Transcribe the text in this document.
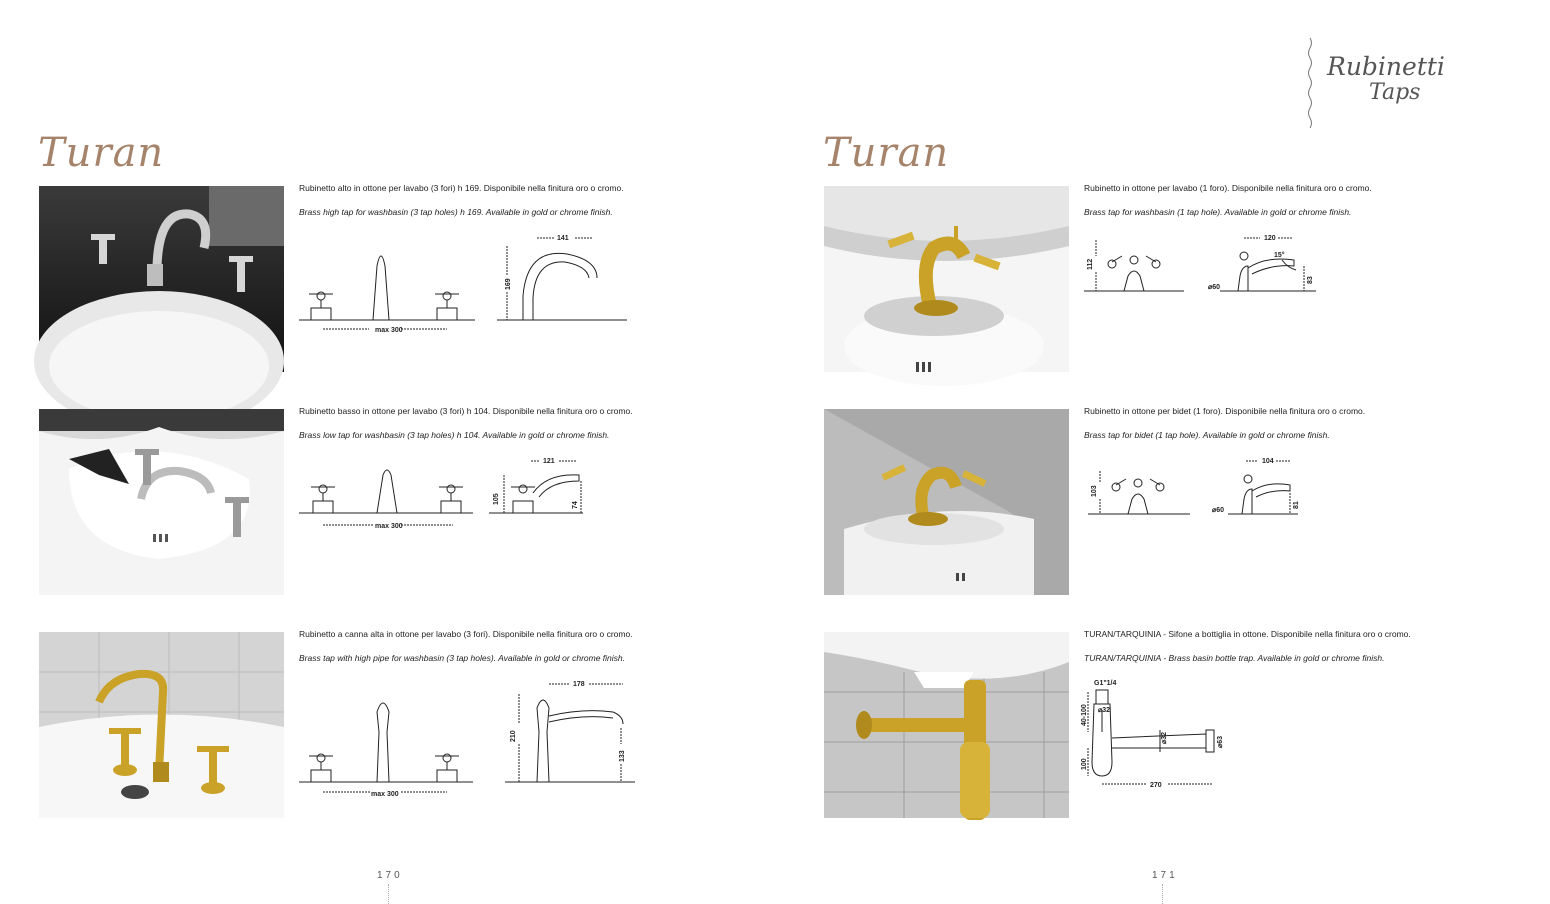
Turan
Rubinetto alto in ottone per lavabo (3 fori) h 169. Disponibile nella finitura oro o cromo.
Brass high tap for washbasin (3 tap holes) h 169. Available in gold or chrome finish.
max 300
141
169
Rubinetto basso in ottone per lavabo (3 fori) h 104. Disponibile nella finitura oro o cromo.
Brass low tap for washbasin (3 tap holes) h 104. Available in gold or chrome finish.
max 300
121
105
74
Rubinetto a canna alta in ottone per lavabo (3 fori). Disponibile nella finitura oro o cromo.
Brass tap with high pipe for washbasin (3 tap holes). Available in gold or chrome finish.
max 300
178
210
133
170
Turan
Rubinetti
Taps
Rubinetto in ottone per lavabo (1 foro). Disponibile nella finitura oro o cromo.
Brass tap for washbasin (1 tap hole). Available in gold or chrome finish.
112
120
15°
83
⌀60
Rubinetto in ottone per bidet (1 foro). Disponibile nella finitura oro o cromo.
Brass tap for bidet (1 tap hole). Available in gold or chrome finish.
103
104
81
⌀60
TURAN/TARQUINIA - Sifone a bottiglia in ottone. Disponibile nella finitura oro o cromo.
TURAN/TARQUINIA - Brass basin bottle trap. Available in gold or chrome finish.
G1"1/4
⌀32
⌀32
40-100
100
270
⌀63
171
